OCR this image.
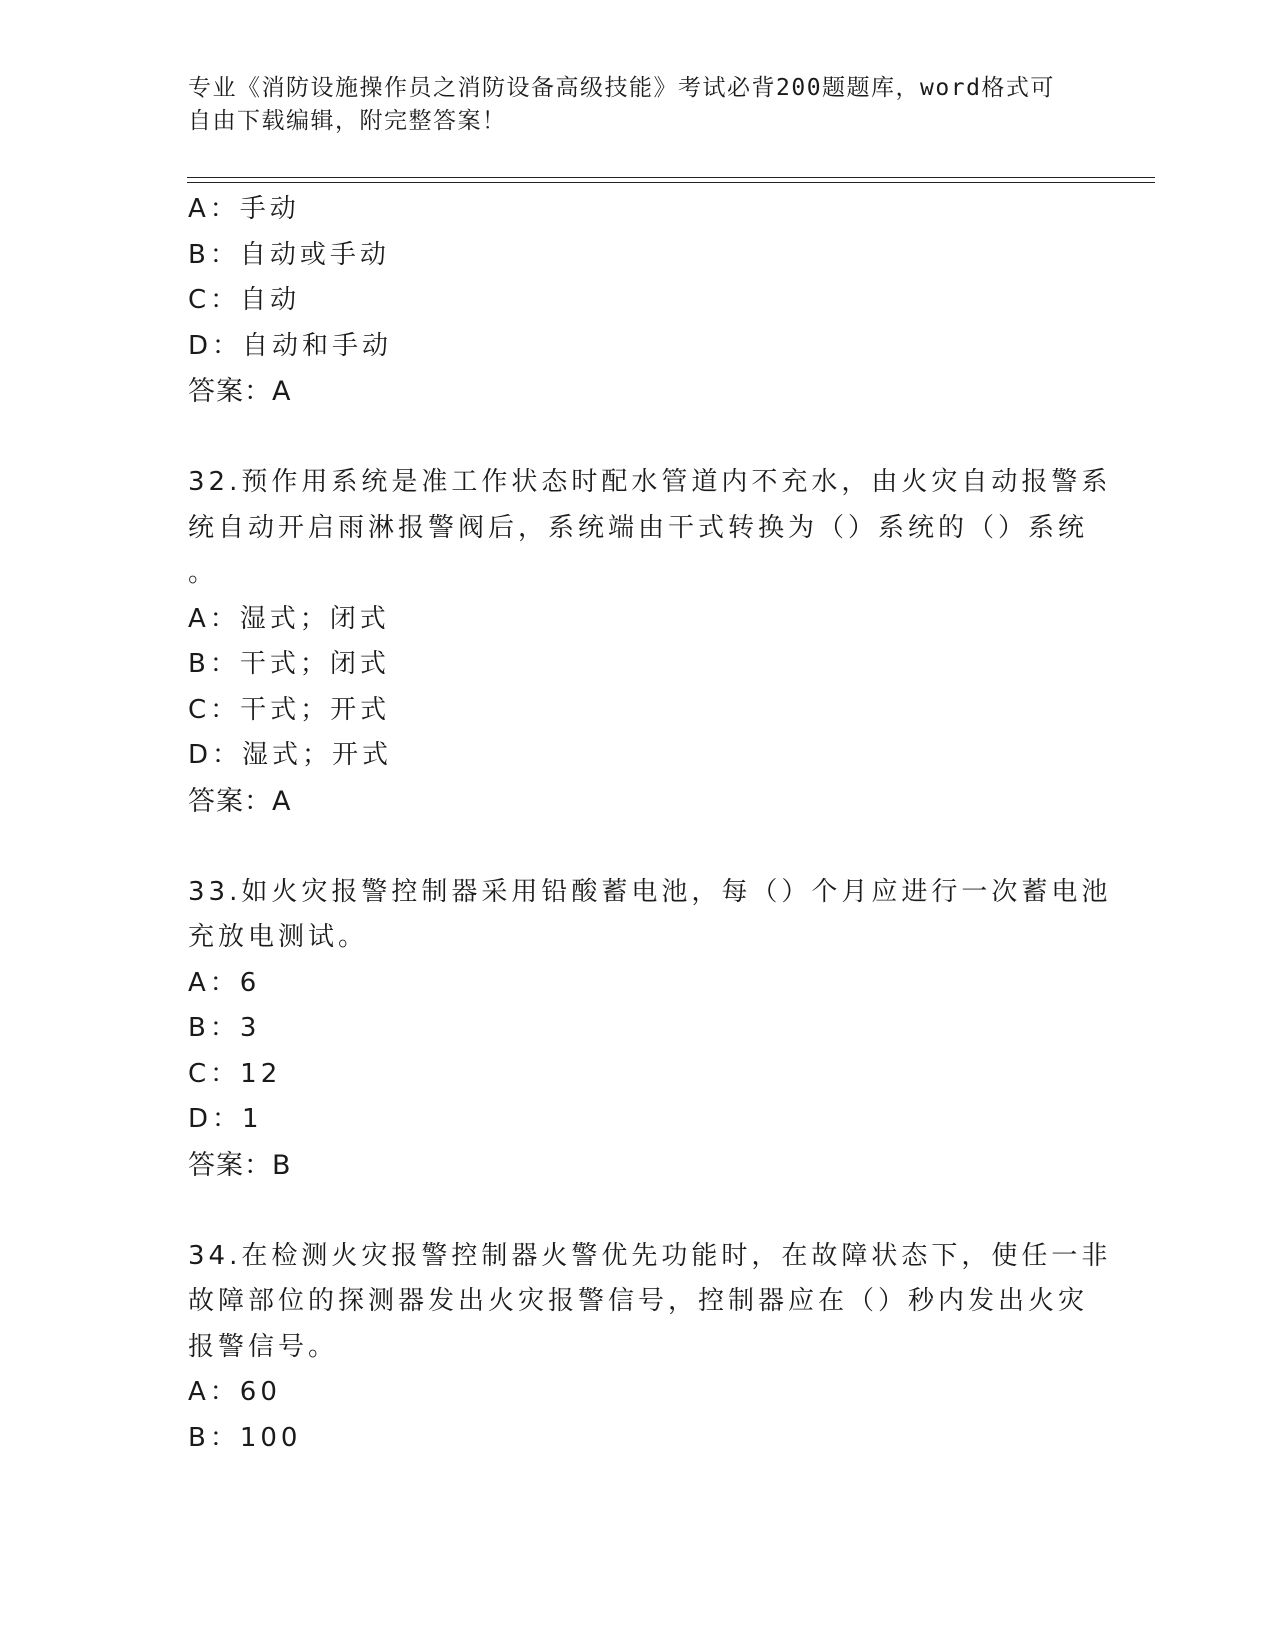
专业《消防设施操作员之消防设备高级技能》考试必背200题题库，word格式可
自由下载编辑，附完整答案！
A：手动
B：自动或手动
C：自动
D：自动和手动
答案：A
32.预作用系统是准工作状态时配水管道内不充水，由火灾自动报警系
统自动开启雨淋报警阀后，系统端由干式转换为（）系统的（）系统
。
A：湿式；闭式
B：干式；闭式
C：干式；开式
D：湿式；开式
答案：A
33.如火灾报警控制器采用铅酸蓄电池，每（）个月应进行一次蓄电池
充放电测试。
A：6
B：3
C：12
D：1
答案：B
34.在检测火灾报警控制器火警优先功能时，在故障状态下，使任一非
故障部位的探测器发出火灾报警信号，控制器应在（）秒内发出火灾
报警信号。
A：60
B：100
